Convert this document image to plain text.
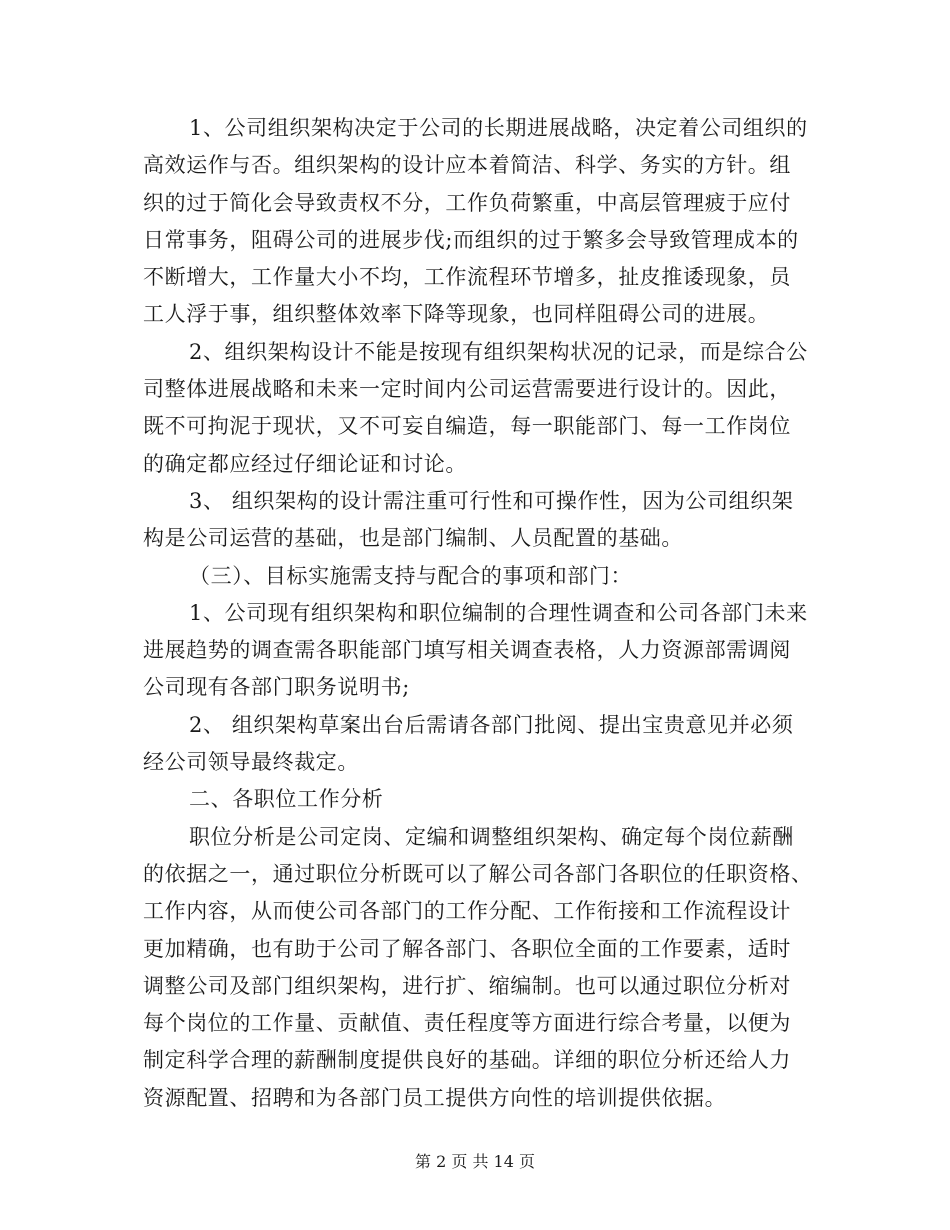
1、公司组织架构决定于公司的长期进展战略，决定着公司组织的
高效运作与否。组织架构的设计应本着简洁、科学、务实的方针。组
织的过于简化会导致责权不分，工作负荷繁重，中高层管理疲于应付
日常事务，阻碍公司的进展步伐;而组织的过于繁多会导致管理成本的
不断增大，工作量大小不均，工作流程环节增多，扯皮推诿现象，员
工人浮于事，组织整体效率下降等现象，也同样阻碍公司的进展。
2、组织架构设计不能是按现有组织架构状况的记录，而是综合公
司整体进展战略和未来一定时间内公司运营需要进行设计的。因此，
既不可拘泥于现状，又不可妄自编造，每一职能部门、每一工作岗位
的确定都应经过仔细论证和讨论。
3、 组织架构的设计需注重可行性和可操作性，因为公司组织架
构是公司运营的基础，也是部门编制、人员配置的基础。
（三）、目标实施需支持与配合的事项和部门：
1、公司现有组织架构和职位编制的合理性调查和公司各部门未来
进展趋势的调查需各职能部门填写相关调查表格，人力资源部需调阅
公司现有各部门职务说明书;
2、 组织架构草案出台后需请各部门批阅、提出宝贵意见并必须
经公司领导最终裁定。
二、各职位工作分析
职位分析是公司定岗、定编和调整组织架构、确定每个岗位薪酬
的依据之一，通过职位分析既可以了解公司各部门各职位的任职资格、
工作内容，从而使公司各部门的工作分配、工作衔接和工作流程设计
更加精确，也有助于公司了解各部门、各职位全面的工作要素，适时
调整公司及部门组织架构，进行扩、缩编制。也可以通过职位分析对
每个岗位的工作量、贡献值、责任程度等方面进行综合考量，以便为
制定科学合理的薪酬制度提供良好的基础。详细的职位分析还给人力
资源配置、招聘和为各部门员工提供方向性的培训提供依据。
第 2 页 共 14 页
